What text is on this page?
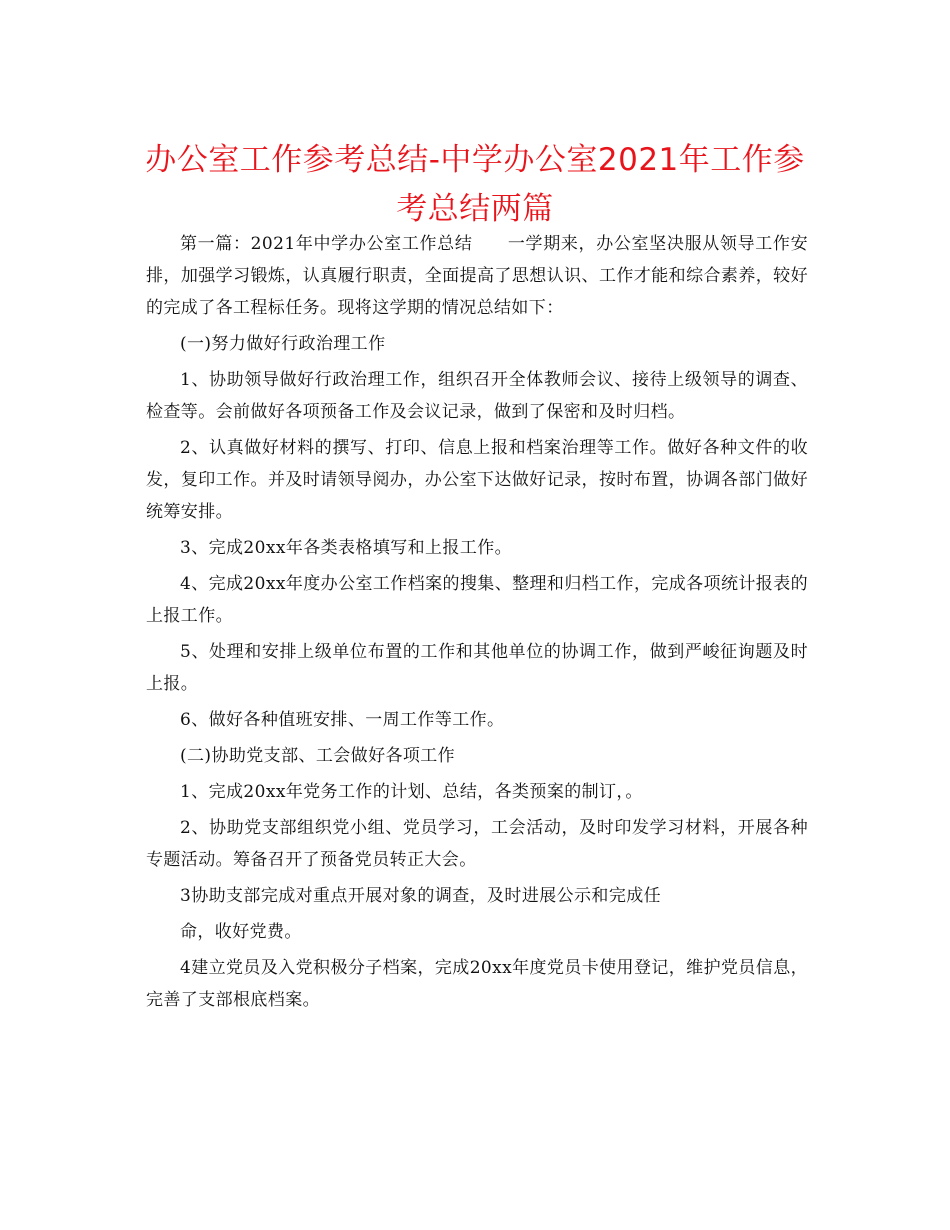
办公室工作参考总结-中学办公室2021年工作参考总结两篇

第一篇：2021年中学办公室工作总结　　一学期来，办公室坚决服从领导工作安排，加强学习锻炼，认真履行职责，全面提高了思想认识、工作才能和综合素养，较好的完成了各工程标任务。现将这学期的情况总结如下：

(一)努力做好行政治理工作

1、协助领导做好行政治理工作，组织召开全体教师会议、接待上级领导的调查、检查等。会前做好各项预备工作及会议记录，做到了保密和及时归档。

2、认真做好材料的撰写、打印、信息上报和档案治理等工作。做好各种文件的收发，复印工作。并及时请领导阅办，办公室下达做好记录，按时布置，协调各部门做好统筹安排。

3、完成20xx年各类表格填写和上报工作。

4、完成20xx年度办公室工作档案的搜集、整理和归档工作，完成各项统计报表的上报工作。

5、处理和安排上级单位布置的工作和其他单位的协调工作，做到严峻征询题及时上报。

6、做好各种值班安排、一周工作等工作。

(二)协助党支部、工会做好各项工作

1、完成20xx年党务工作的计划、总结，各类预案的制订，。

2、协助党支部组织党小组、党员学习，工会活动，及时印发学习材料，开展各种专题活动。筹备召开了预备党员转正大会。

3协助支部完成对重点开展对象的调查，及时进展公示和完成任

命，收好党费。

4建立党员及入党积极分子档案，完成20xx年度党员卡使用登记，维护党员信息，完善了支部根底档案。
